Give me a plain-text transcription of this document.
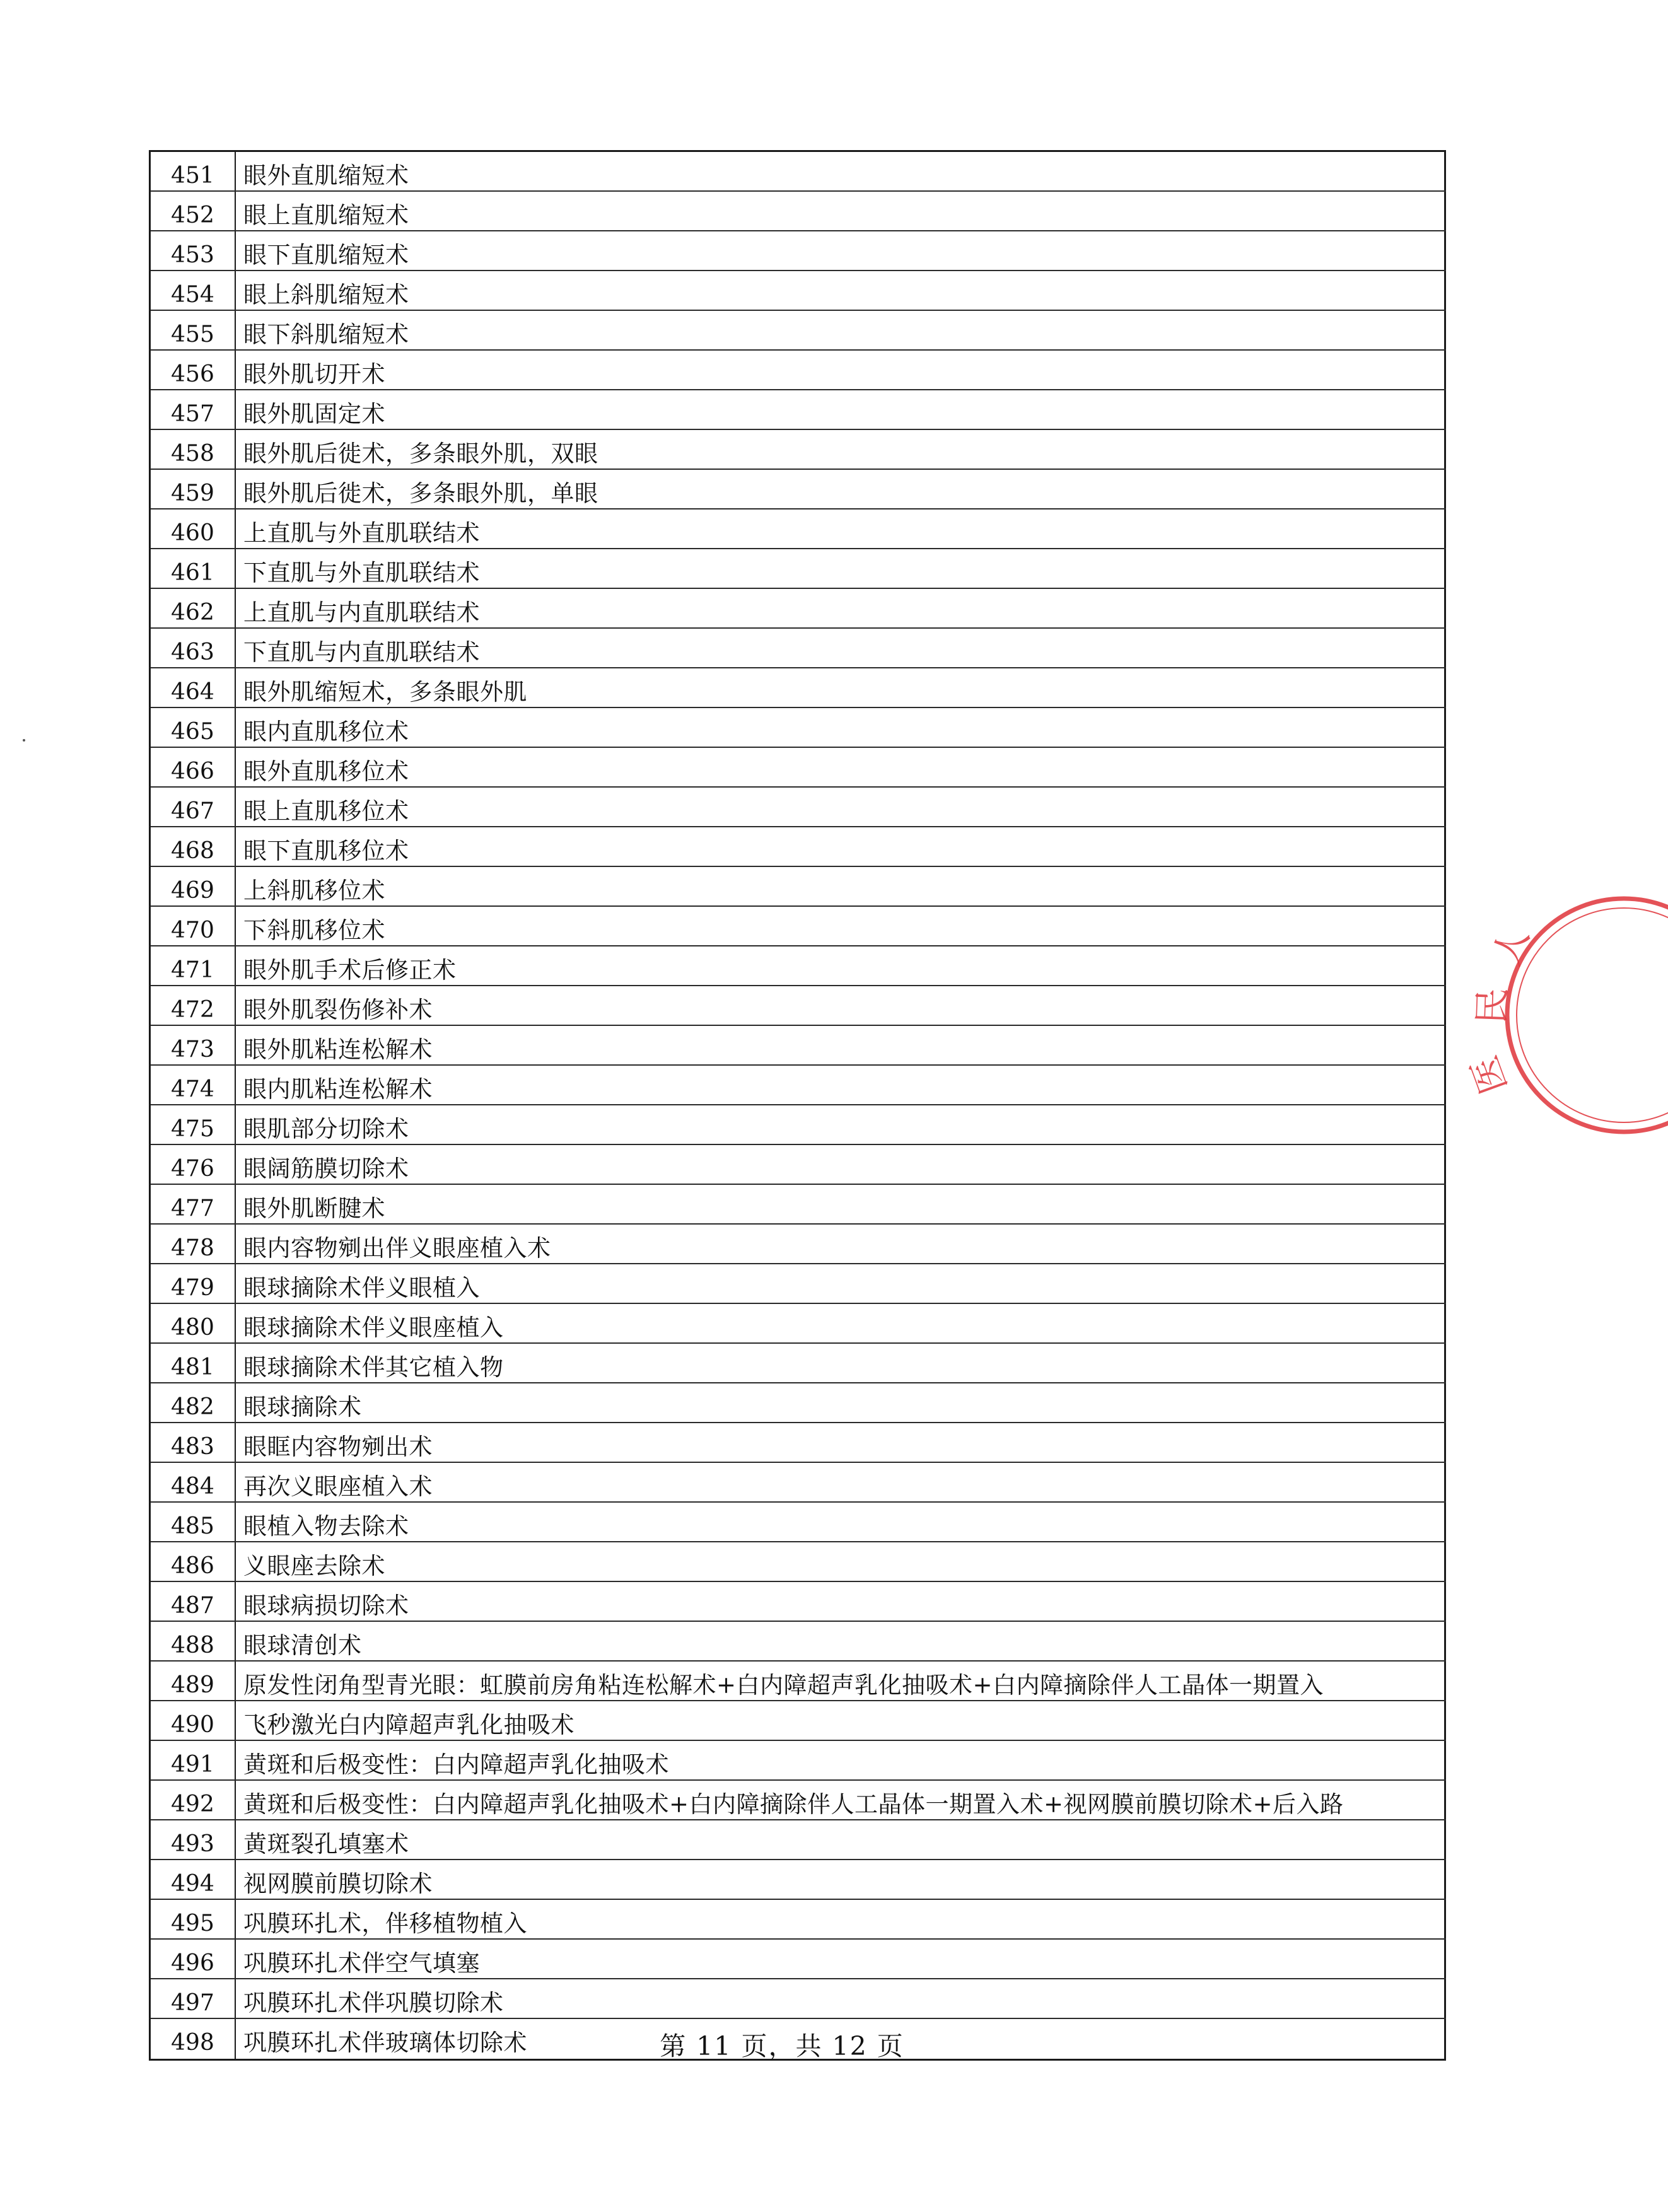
451	眼外直肌缩短术
452	眼上直肌缩短术
453	眼下直肌缩短术
454	眼上斜肌缩短术
455	眼下斜肌缩短术
456	眼外肌切开术
457	眼外肌固定术
458	眼外肌后徙术，多条眼外肌，双眼
459	眼外肌后徙术，多条眼外肌，单眼
460	上直肌与外直肌联结术
461	下直肌与外直肌联结术
462	上直肌与内直肌联结术
463	下直肌与内直肌联结术
464	眼外肌缩短术，多条眼外肌
465	眼内直肌移位术
466	眼外直肌移位术
467	眼上直肌移位术
468	眼下直肌移位术
469	上斜肌移位术
470	下斜肌移位术
471	眼外肌手术后修正术
472	眼外肌裂伤修补术
473	眼外肌粘连松解术
474	眼内肌粘连松解术
475	眼肌部分切除术
476	眼阔筋膜切除术
477	眼外肌断腱术
478	眼内容物剜出伴义眼座植入术
479	眼球摘除术伴义眼植入
480	眼球摘除术伴义眼座植入
481	眼球摘除术伴其它植入物
482	眼球摘除术
483	眼眶内容物剜出术
484	再次义眼座植入术
485	眼植入物去除术
486	义眼座去除术
487	眼球病损切除术
488	眼球清创术
489	原发性闭角型青光眼：虹膜前房角粘连松解术+白内障超声乳化抽吸术+白内障摘除伴人工晶体一期置入
490	飞秒激光白内障超声乳化抽吸术
491	黄斑和后极变性：白内障超声乳化抽吸术
492	黄斑和后极变性：白内障超声乳化抽吸术+白内障摘除伴人工晶体一期置入术+视网膜前膜切除术+后入路
493	黄斑裂孔填塞术
494	视网膜前膜切除术
495	巩膜环扎术，伴移植物植入
496	巩膜环扎术伴空气填塞
497	巩膜环扎术伴巩膜切除术
498	巩膜环扎术伴玻璃体切除术
人
民
医
第 11 页，共 12 页
